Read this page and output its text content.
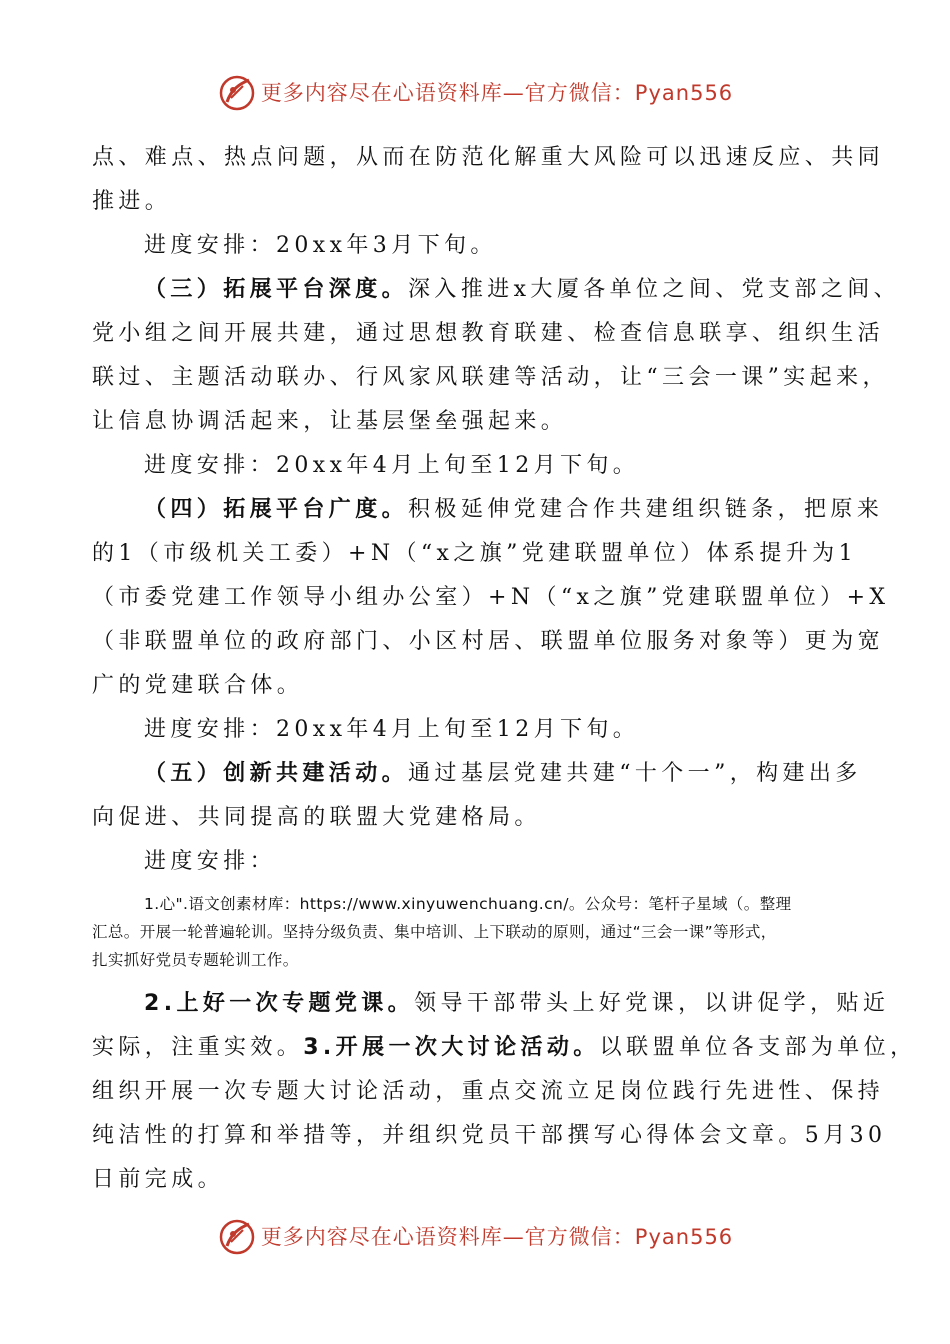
更多内容尽在心语资料库—官方微信：Pyan556

点、难点、热点问题，从而在防范化解重大风险可以迅速反应、共同

推进。

进度安排：20xx年3月下旬。

（三）拓展平台深度。深入推进x大厦各单位之间、党支部之间、

党小组之间开展共建，通过思想教育联建、检查信息联享、组织生活

联过、主题活动联办、行风家风联建等活动，让“三会一课”实起来，

让信息协调活起来，让基层堡垒强起来。

进度安排：20xx年4月上旬至12月下旬。

（四）拓展平台广度。积极延伸党建合作共建组织链条，把原来

的1（市级机关工委）+N（“x之旗”党建联盟单位）体系提升为1

（市委党建工作领导小组办公室）+N（“x之旗”党建联盟单位）+X

（非联盟单位的政府部门、小区村居、联盟单位服务对象等）更为宽

广的党建联合体。

进度安排：20xx年4月上旬至12月下旬。

（五）创新共建活动。通过基层党建共建“十个一”，构建出多

向促进、共同提高的联盟大党建格局。

进度安排：

1.心".语文创素材库：https://www.xinyuwenchuang.cn/。公众号：笔杆子星域（。整理

汇总。开展一轮普遍轮训。坚持分级负责、集中培训、上下联动的原则，通过“三会一课”等形式，

扎实抓好党员专题轮训工作。

2.上好一次专题党课。领导干部带头上好党课，以讲促学，贴近

实际，注重实效。3.开展一次大讨论活动。以联盟单位各支部为单位，

组织开展一次专题大讨论活动，重点交流立足岗位践行先进性、保持

纯洁性的打算和举措等，并组织党员干部撰写心得体会文章。5月30

日前完成。

更多内容尽在心语资料库—官方微信：Pyan556
